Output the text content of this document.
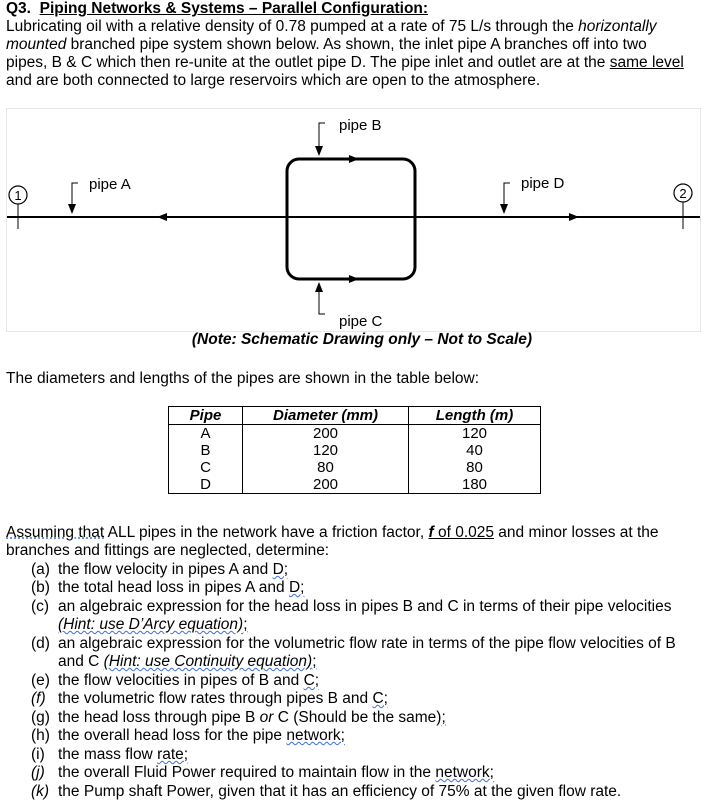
Q3. Piping Networks & Systems – Parallel Configuration:
Lubricating oil with a relative density of 0.78 pumped at a rate of 75 L/s through the horizontally
mounted branched pipe system shown below. As shown, the inlet pipe A branches off into two
pipes, B & C which then re-unite at the outlet pipe D. The pipe inlet and outlet are at the same level
and are both connected to large reservoirs which are open to the atmosphere.
1	2
pipe A
pipe B
pipe C
pipe D
(Note: Schematic Drawing only – Not to Scale)
The diameters and lengths of the pipes are shown in the table below:
Pipe	Diameter (mm)	Length (m)
A	200	120
B	120	40
C	80	80
D	200	180
Assuming that ALL pipes in the network have a friction factor, f of 0.025 and minor losses at the
branches and fittings are neglected, determine:
(a) the flow velocity in pipes A and D;
(b) the total head loss in pipes A and D;
(c) an algebraic expression for the head loss in pipes B and C in terms of their pipe velocities
(Hint: use D’Arcy equation);
(d) an algebraic expression for the volumetric flow rate in terms of the pipe flow velocities of B
and C (Hint: use Continuity equation);
(e) the flow velocities in pipes of B and C;
(f) the volumetric flow rates through pipes B and C;
(g) the head loss through pipe B or C (Should be the same);
(h) the overall head loss for the pipe network;
(i) the mass flow rate;
(j) the overall Fluid Power required to maintain flow in the network;
(k) the Pump shaft Power, given that it has an efficiency of 75% at the given flow rate.
